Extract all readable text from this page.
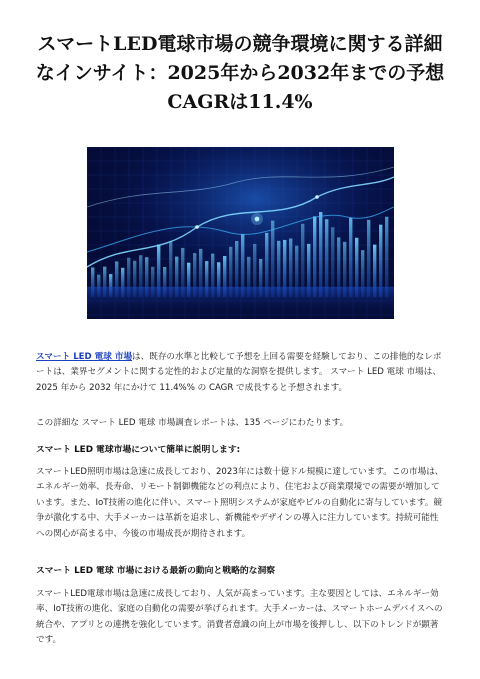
スマートLED電球市場の競争環境に関する詳細
なインサイト：2025年から2032年までの予想
CAGRは11.4%

スマート LED 電球 市場は、既存の水準と比較して予想を上回る需要を経験しており、この排他的なレポートは、業界セグメントに関する定性的および定量的な洞察を提供します。 スマート LED 電球 市場は、2025 年から 2032 年にかけて 11.4%% の CAGR で成長すると予想されます。

この詳細な スマート LED 電球 市場調査レポートは、135 ページにわたります。

スマート LED 電球市場について簡単に説明します:

スマートLED照明市場は急速に成長しており、2023年には数十億ドル規模に達しています。この市場は、エネルギー効率、長寿命、リモート制御機能などの利点により、住宅および商業環境での需要が増加しています。また、IoT技術の進化に伴い、スマート照明システムが家庭やビルの自動化に寄与しています。競争が激化する中、大手メーカーは革新を追求し、新機能やデザインの導入に注力しています。持続可能性への関心が高まる中、今後の市場成長が期待されます。

スマート LED 電球 市場における最新の動向と戦略的な洞察

スマートLED電球市場は急速に成長しており、人気が高まっています。主な要因としては、エネルギー効率、IoT技術の進化、家庭の自動化の需要が挙げられます。大手メーカーは、スマートホームデバイスへの統合や、アプリとの連携を強化しています。消費者意識の向上が市場を後押しし、以下のトレンドが顕著です。
